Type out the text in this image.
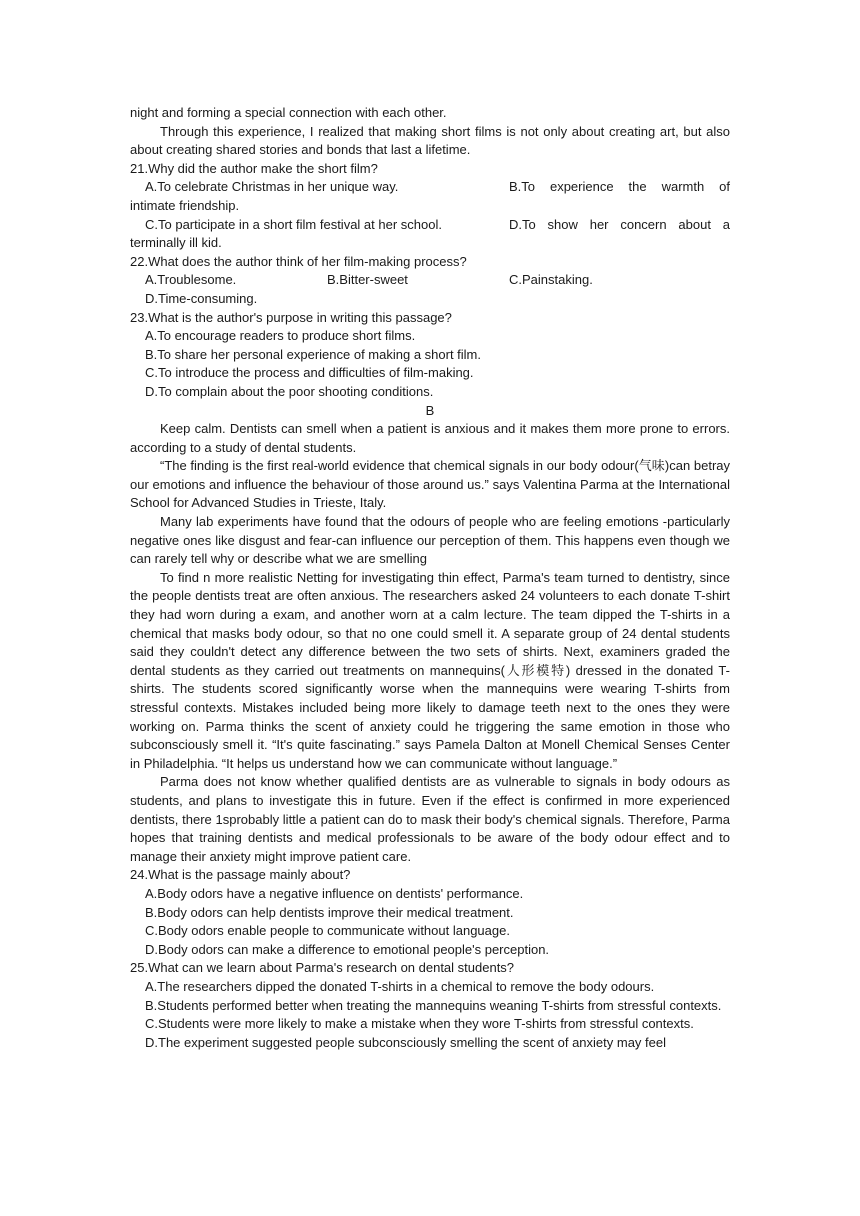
night and forming a special connection with each other.

Through this experience, I realized that making short films is not only about creating art, but also about creating shared stories and bonds that last a lifetime.

21.Why did the author make the short film?

A.To celebrate Christmas in her unique way.	B.To experience the warmth of

intimate friendship.

C.To participate in a short film festival at her school.	D.To show her concern about a

terminally ill kid.

22.What does the author think of her film-making process?

A.Troublesome.	B.Bitter-sweet	C.Painstaking.

D.Time-consuming.

23.What is the author's purpose in writing this passage?

A.To encourage readers to produce short films.

B.To share her personal experience of making a short film.

C.To introduce the process and difficulties of film-making.

D.To complain about the poor shooting conditions.

B

Keep calm. Dentists can smell when a patient is anxious and it makes them more prone to errors. according to a study of dental students.

“The finding is the first real-world evidence that chemical signals in our body odour(气味)can betray our emotions and influence the behaviour of those around us.” says Valentina Parma at the International School for Advanced Studies in Trieste, Italy.

Many lab experiments have found that the odours of people who are feeling emotions -particularly negative ones like disgust and fear-can influence our perception of them. This happens even though we can rarely tell why or describe what we are smelling

To find n more realistic Netting for investigating thin effect, Parma's team turned to dentistry, since the people dentists treat are often anxious. The researchers asked 24 volunteers to each donate T-shirt they had worn during a exam, and another worn at a calm lecture. The team dipped the T-shirts in a chemical that masks body odour, so that no one could smell it. A separate group of 24 dental students said they couldn't detect any difference between the two sets of shirts. Next, examiners graded the dental students as they carried out treatments on mannequins(人形模特) dressed in the donated T-shirts. The students scored significantly worse when the mannequins were wearing T-shirts from stressful contexts. Mistakes included being more likely to damage teeth next to the ones they were working on. Parma thinks the scent of anxiety could he triggering the same emotion in those who subconsciously smell it. “It's quite fascinating.” says Pamela Dalton at Monell Chemical Senses Center in Philadelphia. “It helps us understand how we can communicate without language.”

Parma does not know whether qualified dentists are as vulnerable to signals in body odours as students, and plans to investigate this in future. Even if the effect is confirmed in more experienced dentists, there 1sprobably little a patient can do to mask their body's chemical signals. Therefore, Parma hopes that training dentists and medical professionals to be aware of the body odour effect and to manage their anxiety might improve patient care.

24.What is the passage mainly about?

A.Body odors have a negative influence on dentists' performance.

B.Body odors can help dentists improve their medical treatment.

C.Body odors enable people to communicate without language.

D.Body odors can make a difference to emotional people's perception.

25.What can we learn about Parma's research on dental students?

A.The researchers dipped the donated T-shirts in a chemical to remove the body odours.

B.Students performed better when treating the mannequins weaning T-shirts from stressful contexts.

C.Students were more likely to make a mistake when they wore T-shirts from stressful contexts.

D.The experiment suggested people subconsciously smelling the scent of anxiety may feel
